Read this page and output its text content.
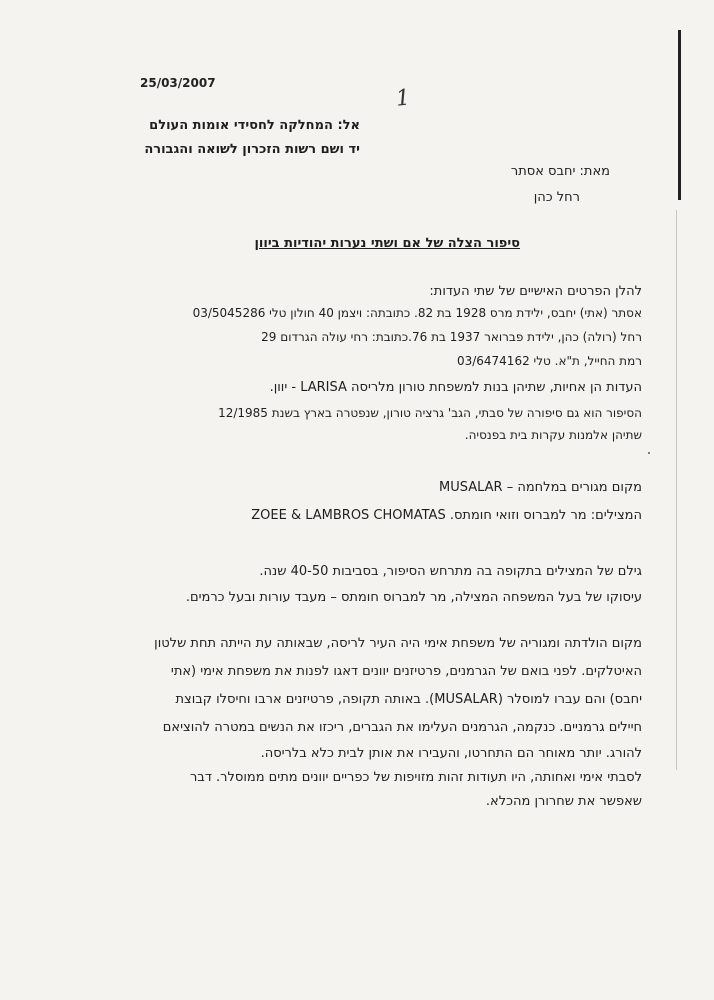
25/03/2007
1
אל: המחלקה לחסידי אומות העולם
יד ושם רשות הזכרון לשואה והגבורה
מאת: יחבס אסתר
רחל כהן
סיפור הצלה של אם ושתי נערות יהודיות ביוון
להלן הפרטים האישיים של שתי העדות:
אסתר (אתי) יחבס, ילידת מרס 1928 בת 82. כתובתה: ויצמן 40 חולון טלי 03/5045286
רחל (רולה) כהן, ילידת פברואר 1937 בת 76.כתובת: רחי עולה הגרדום 29
רמת החייל, ת"א. טלי 03/6474162
העדות הן אחיות, שתיהן בנות למשפחת טורון מלריסה LARISA - יוון.
הסיפור הוא גם סיפורה של סבתי, הגב' גרציה טורון, שנפטרה בארץ בשנת 12/1985
שתיהן אלמנות עקרות בית בפנסיה.
מקום מגורים במלחמה – MUSALAR
המצילים: מר למברוס וזואי חומתס. ZOEE & LAMBROS CHOMATAS
גילם של המצילים בתקופה בה מתרחש הסיפור, בסביבות 40-50 שנה.
עיסוקו של בעל המשפחה המצילה, מר למברוס חומתס – מעבד עורות ובעל כרמים.
מקום הולדתה ומגוריה של משפחת אימי היה העיר לריסה, שבאותה עת הייתה תחת שלטון
האיטלקים. לפני בואם של הגרמנים, פרטיזנים יוונים דאגו לפנות את משפחת אימי (אתי
יחבס) והם עברו למוסלר (MUSALAR). באותה תקופה, פרטיזנים ארבו וחיסלו קבוצת
חיילים גרמניים. כנקמה, הגרמנים העלימו את הגברים, ריכזו את הנשים במטרה להוציאם
להורג. יותר מאוחר הם התחרטו, והעבירו את אותן לבית כלא בלריסה.
לסבתי אימי ואחותה, היו תעודות זהות מזויפות של כפריים יוונים מתים ממוסלר. דבר
שאפשר את שחרורן מהכלא.
